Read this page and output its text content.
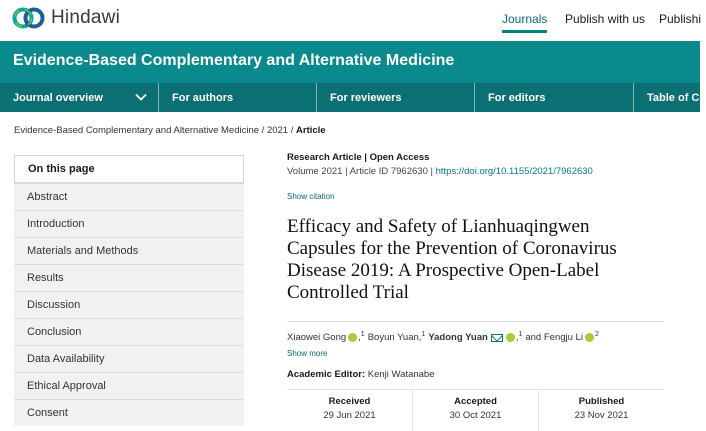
Hindawi	Journals Publish with us Publishi
Evidence-Based Complementary and Alternative Medicine
Journal overview	For authors	For reviewers	For editors	Table of Co
Evidence-Based Complementary and Alternative Medicine / 2021 / Article
On this page
Abstract
Introduction
Materials and Methods
Results
Discussion
Conclusion
Data Availability
Ethical Approval
Consent
Research Article | Open Access
Volume 2021 | Article ID 7962630 | https://doi.org/10.1155/2021/7962630
Show citation
Efficacy and Safety of Lianhuaqingwen Capsules for the Prevention of Coronavirus Disease 2019: A Prospective Open-Label Controlled Trial
Xiaowei Gong , 1 Boyun Yuan , 1 Yadong Yuan	, 1 and
Fengju Li 2
Show more
Academic Editor: Kenji Watanabe
Received
29 Jun 2021
Accepted
30 Oct 2021
Published
23 Nov 2021
